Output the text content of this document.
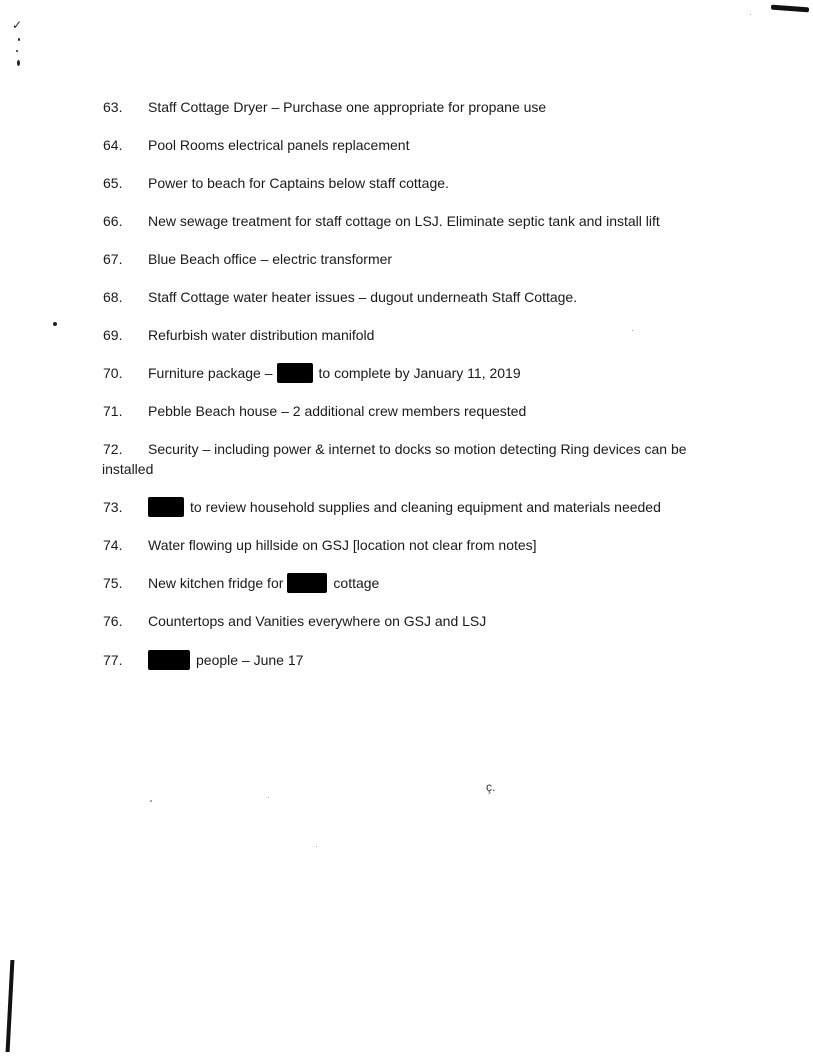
✓
ç.
63. Staff Cottage Dryer – Purchase one appropriate for propane use
64. Pool Rooms electrical panels replacement
65. Power to beach for Captains below staff cottage.
66. New sewage treatment for staff cottage on LSJ. Eliminate septic tank and install lift
67. Blue Beach office – electric transformer
68. Staff Cottage water heater issues – dugout underneath Staff Cottage.
69. Refurbish water distribution manifold
70. Furniture package –	to complete by January 11, 2019
71. Pebble Beach house – 2 additional crew members requested
72. Security – including power & internet to docks so motion detecting Ring devices can be
installed
73.	to review household supplies and cleaning equipment and materials needed
74. Water flowing up hillside on GSJ [location not clear from notes]
75. New kitchen fridge for	cottage
76. Countertops and Vanities everywhere on GSJ and LSJ
77.	people – June 17
